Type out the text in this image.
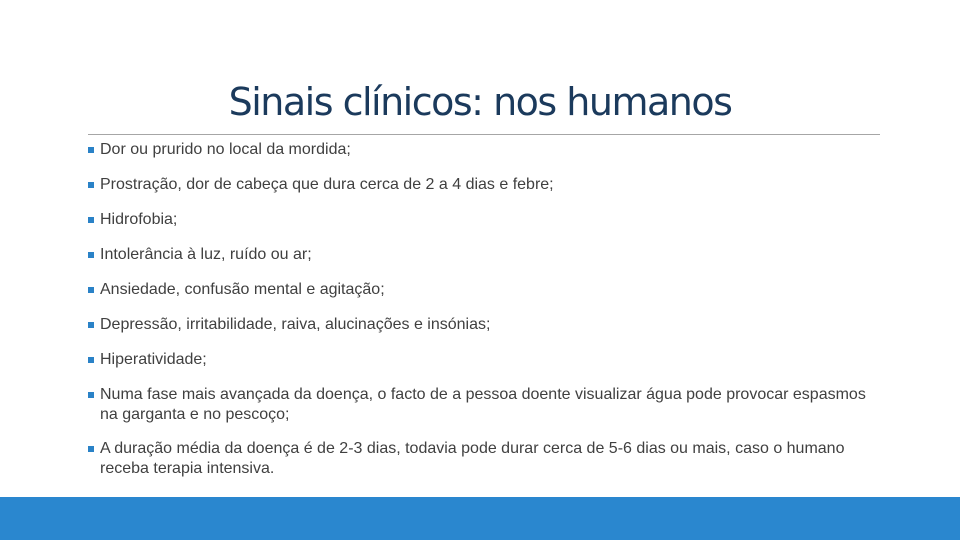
Sinais clínicos: nos humanos
Dor ou prurido no local da mordida;
Prostração, dor de cabeça que dura cerca de 2 a 4 dias e febre;
Hidrofobia;
Intolerância à luz, ruído ou ar;
Ansiedade, confusão mental e agitação;
Depressão, irritabilidade, raiva, alucinações e insónias;
Hiperatividade;
Numa fase mais avançada da doença, o facto de a pessoa doente visualizar água pode provocar espasmos na garganta e no pescoço;
A duração média da doença é de 2-3 dias, todavia pode durar cerca de 5-6 dias ou mais, caso o humano receba terapia intensiva.
